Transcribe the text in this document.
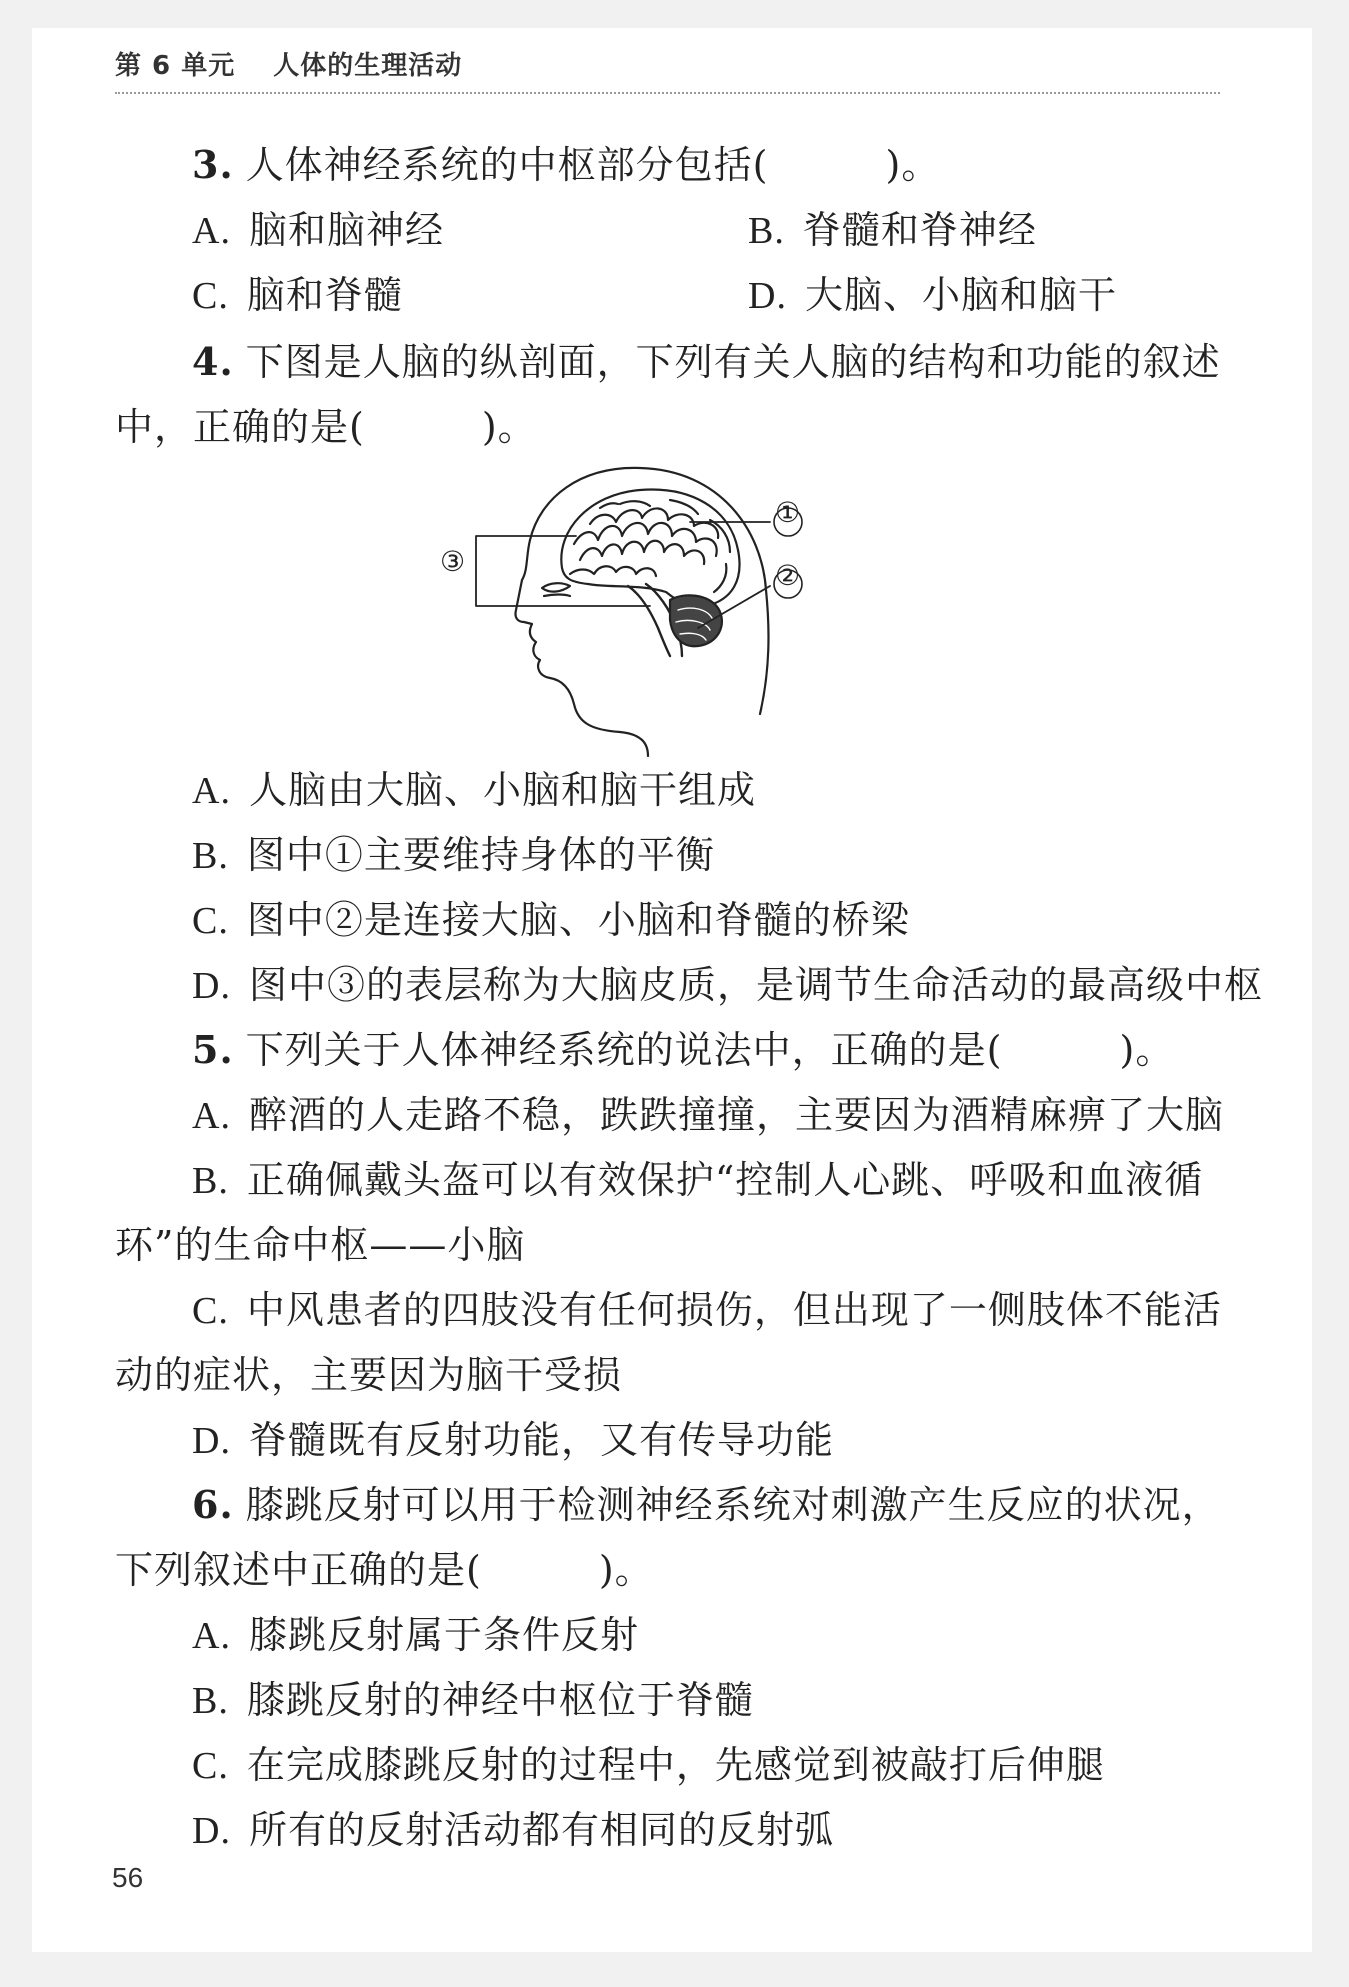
第 6 单元 人体的生理活动
3. 人体神经系统的中枢部分包括(　　　)。
A. 脑和脑神经	B. 脊髓和脊神经
C. 脑和脊髓	D. 大脑、小脑和脑干
4. 下图是人脑的纵剖面，下列有关人脑的结构和功能的叙述
中，正确的是(　　　)。
①
②
③
A. 人脑由大脑、小脑和脑干组成
B. 图中①主要维持身体的平衡
C. 图中②是连接大脑、小脑和脊髓的桥梁
D. 图中③的表层称为大脑皮质，是调节生命活动的最高级中枢
5. 下列关于人体神经系统的说法中，正确的是(　　　)。
A. 醉酒的人走路不稳，跌跌撞撞，主要因为酒精麻痹了大脑
B. 正确佩戴头盔可以有效保护“控制人心跳、呼吸和血液循
环”的生命中枢——小脑
C. 中风患者的四肢没有任何损伤，但出现了一侧肢体不能活
动的症状，主要因为脑干受损
D. 脊髓既有反射功能，又有传导功能
6. 膝跳反射可以用于检测神经系统对刺激产生反应的状况，
下列叙述中正确的是(　　　)。
A. 膝跳反射属于条件反射
B. 膝跳反射的神经中枢位于脊髓
C. 在完成膝跳反射的过程中，先感觉到被敲打后伸腿
D. 所有的反射活动都有相同的反射弧
56
